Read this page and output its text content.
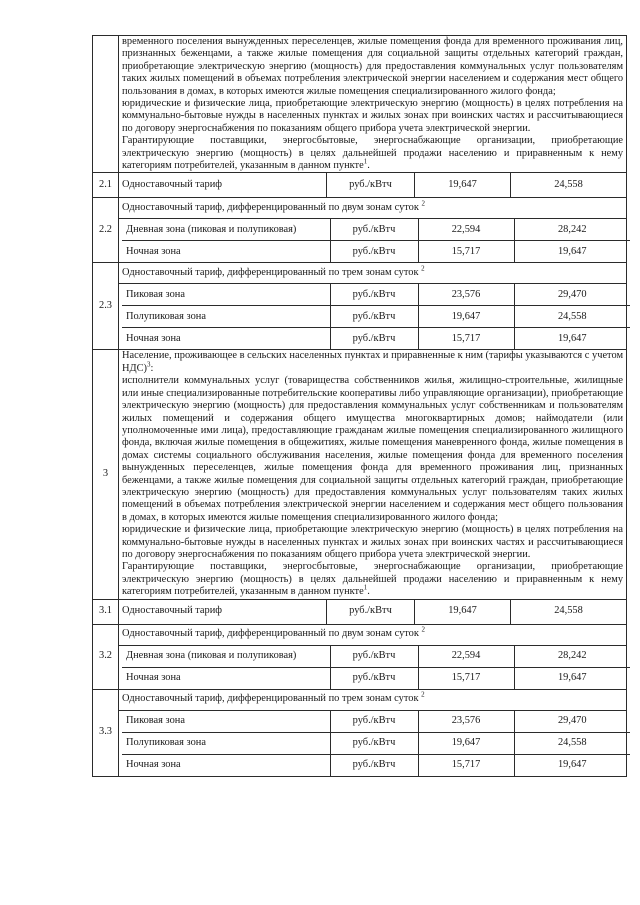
временного поселения вынужденных переселенцев, жилые помещения фонда для временного проживания лиц, признанных беженцами, а также жилые помещения для социальной защиты отдельных категорий граждан, приобретающие электрическую энергию (мощность) для предоставления коммунальных услуг пользователям таких жилых помещений в объемах потребления электрической энергии населением и содержания мест общего пользования в домах, в которых имеются жилые помещения специализированного жилого фонда;
юридические и физические лица, приобретающие электрическую энергию (мощность) в целях потребления на коммунально-бытовые нужды в населенных пунктах и жилых зонах при воинских частях и рассчитывающиеся по договору энергоснабжения по показаниям общего прибора учета электрической энергии.
Гарантирующие поставщики, энергосбытовые, энергоснабжающие организации, приобретающие электрическую энергию (мощность) в целях дальнейшей продажи населению и приравненным к нему категориям потребителей, указанным в данном пункте$^1$.

2.1	Одноставочный тариф	руб./кВтч	19,647	24,558
2.2	Одноставочный тариф, дифференцированный по двум зонам суток $^2$

Дневная зона (пиковая и полупиковая)	руб./кВтч	22,594	28,242
Ночная зона	руб./кВтч	15,717	19,647

2.3	Одноставочный тариф, дифференцированный по трем зонам суток $^2$

Пиковая зона	руб./кВтч	23,576	29,470
Полупиковая зона	руб./кВтч	19,647	24,558
Ночная зона	руб./кВтч	15,717	19,647

3	
Население, проживающее в сельских населенных пунктах и приравненные к ним (тарифы указываются с учетом НДС)$^3$:
исполнители коммунальных услуг (товарищества собственников жилья, жилищно-строительные, жилищные или иные специализированные потребительские кооперативы либо управляющие организации), приобретающие электрическую энергию (мощность) для предоставления коммунальных услуг собственникам и пользователям жилых помещений и содержания общего имущества многоквартирных домов; наймодатели (или уполномоченные ими лица), предоставляющие гражданам жилые помещения специализированного жилищного фонда, включая жилые помещения в общежитиях, жилые помещения маневренного фонда, жилые помещения в домах системы социального обслуживания населения, жилые помещения фонда для временного поселения вынужденных переселенцев, жилые помещения фонда для временного проживания лиц, признанных беженцами, а также жилые помещения для социальной защиты отдельных категорий граждан, приобретающие электрическую энергию (мощность) для предоставления коммунальных услуг пользователям таких жилых помещений в объемах потребления электрической энергии населением и содержания мест общего пользования в домах, в которых имеются жилые помещения специализированного жилого фонда;
юридические и физические лица, приобретающие электрическую энергию (мощность) в целях потребления на коммунально-бытовые нужды в населенных пунктах и жилых зонах при воинских частях и рассчитывающиеся по договору энергоснабжения по показаниям общего прибора учета электрической энергии.
Гарантирующие поставщики, энергосбытовые, энергоснабжающие организации, приобретающие электрическую энергию (мощность) в целях дальнейшей продажи населению и приравненным к нему категориям потребителей, указанным в данном пункте$^1$.

3.1	Одноставочный тариф	руб./кВтч	19,647	24,558
3.2	Одноставочный тариф, дифференцированный по двум зонам суток $^2$

Дневная зона (пиковая и полупиковая)	руб./кВтч	22,594	28,242
Ночная зона	руб./кВтч	15,717	19,647

3.3	Одноставочный тариф, дифференцированный по трем зонам суток $^2$

Пиковая зона	руб./кВтч	23,576	29,470
Полупиковая зона	руб./кВтч	19,647	24,558
Ночная зона	руб./кВтч	15,717	19,647
